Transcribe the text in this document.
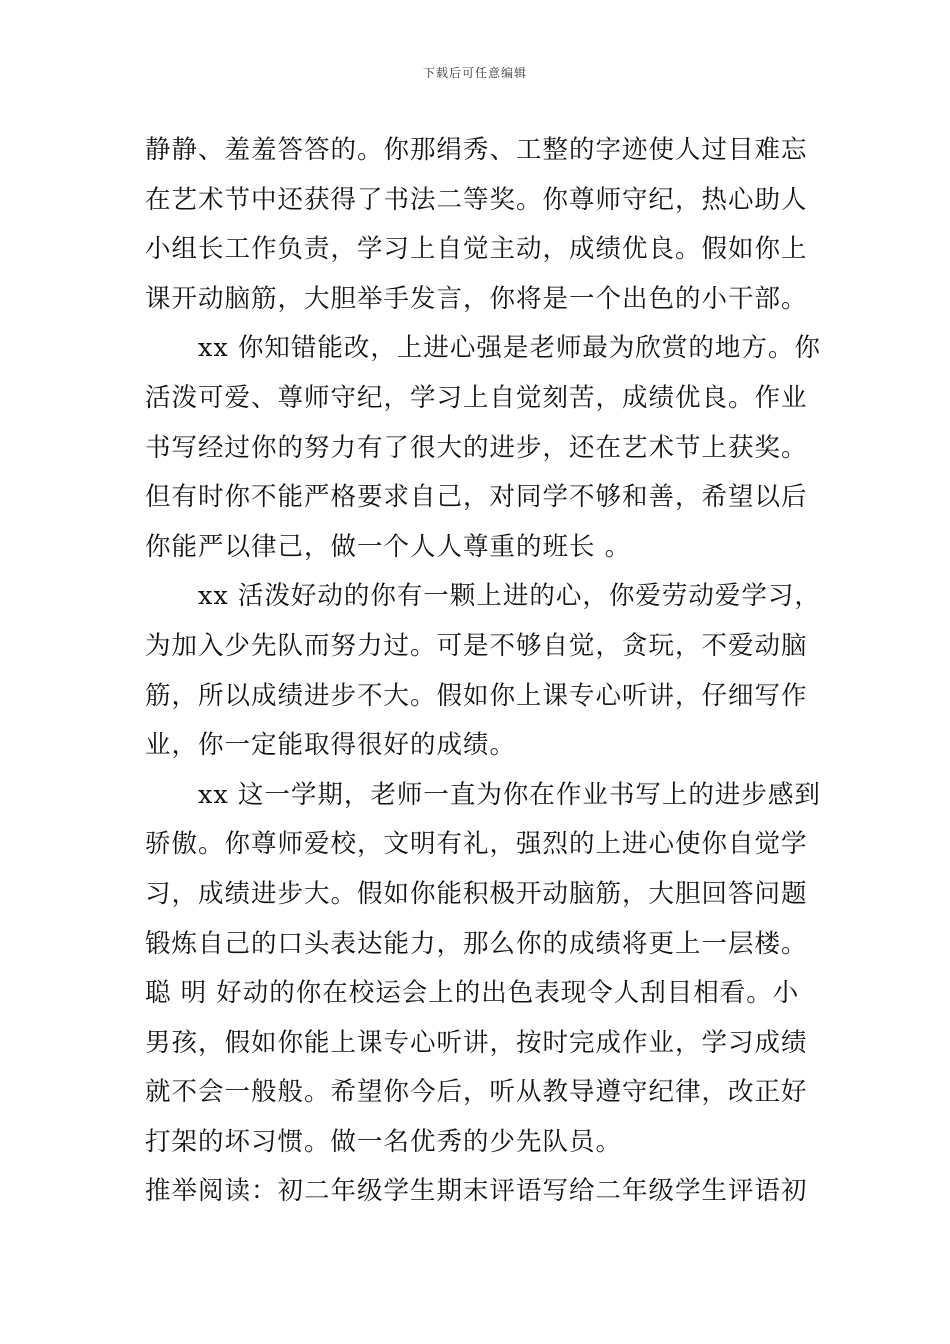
下载后可任意编辑
静静、羞羞答答的。你那绢秀、工整的字迹使人过目难忘
在艺术节中还获得了书法二等奖。你尊师守纪，热心助人
小组长工作负责，学习上自觉主动，成绩优良。假如你上
课开动脑筋，大胆举手发言，你将是一个出色的小干部。
xx 你知错能改，上进心强是老师最为欣赏的地方。你
活泼可爱、尊师守纪，学习上自觉刻苦，成绩优良。作业
书写经过你的努力有了很大的进步，还在艺术节上获奖。
但有时你不能严格要求自己，对同学不够和善，希望以后
你能严以律己，做一个人人尊重的班长 。
xx 活泼好动的你有一颗上进的心，你爱劳动爱学习，
为加入少先队而努力过。可是不够自觉，贪玩，不爱动脑
筋，所以成绩进步不大。假如你上课专心听讲，仔细写作
业，你一定能取得很好的成绩。
xx 这一学期，老师一直为你在作业书写上的进步感到
骄傲。你尊师爱校，文明有礼，强烈的上进心使你自觉学
习，成绩进步大。假如你能积极开动脑筋，大胆回答问题
锻炼自己的口头表达能力，那么你的成绩将更上一层楼。
聪 明 好动的你在校运会上的出色表现令人刮目相看。小
男孩，假如你能上课专心听讲，按时完成作业，学习成绩
就不会一般般。希望你今后，听从教导遵守纪律，改正好
打架的坏习惯。做一名优秀的少先队员。
推举阅读：初二年级学生期末评语写给二年级学生评语初
